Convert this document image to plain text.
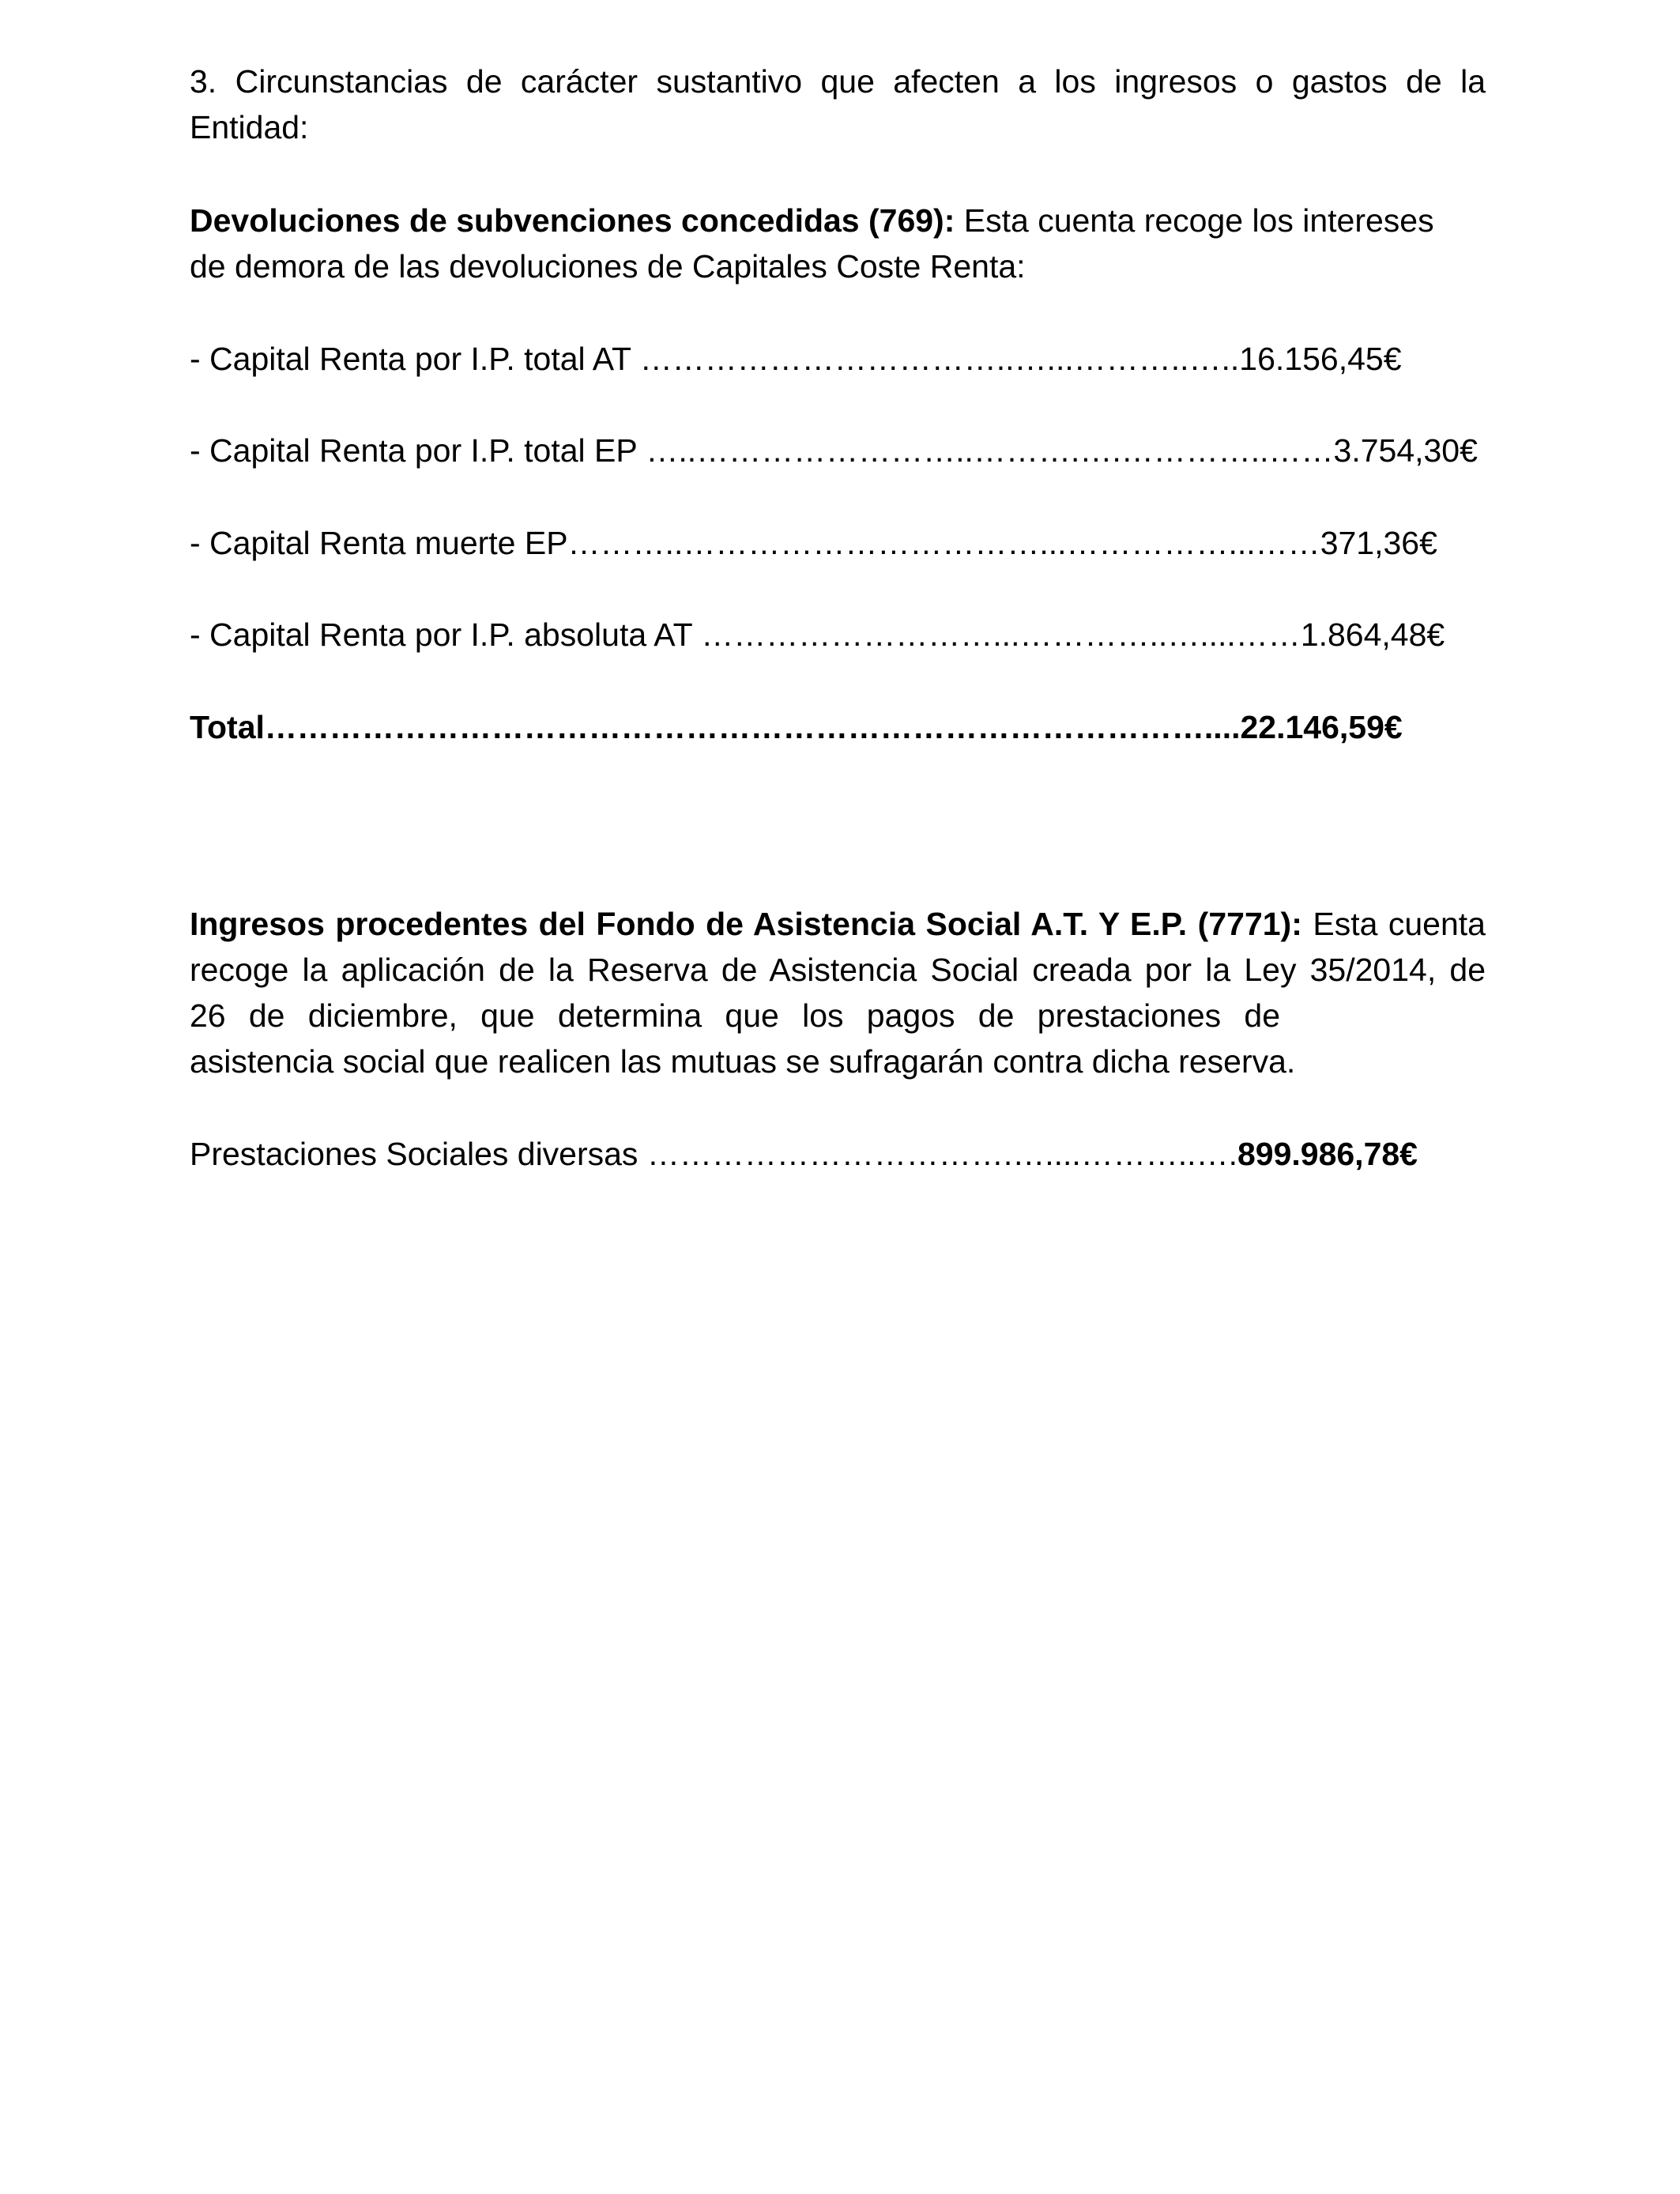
3. Circunstancias de carácter sustantivo que afecten a los ingresos o gastos de la
Entidad:
Devoluciones de subvenciones concedidas (769): Esta cuenta recoge los intereses
de demora de las devoluciones de Capitales Coste Renta:
- Capital Renta por I.P. total AT ……………………………..…...………..…..16.156,45€
- Capital Renta por I.P. total EP …..……………………..……….….…………..……3.754,30€
- Capital Renta muerte EP………..……………………………...……………...……371,36€
- Capital Renta por I.P. absoluta AT ………………………...…………..…....……1.864,48€
Total……………………………………………………………………………....22.146,59€
Ingresos procedentes del Fondo de Asistencia Social A.T. Y E.P. (7771): Esta cuenta
recoge la aplicación de la Reserva de Asistencia Social creada por la Ley 35/2014, de
26 de diciembre, que determina que los pagos de prestaciones de
asistencia social que realicen las mutuas se sufragarán contra dicha reserva.
Prestaciones Sociales diversas …………………………….…....………..….899.986,78€
